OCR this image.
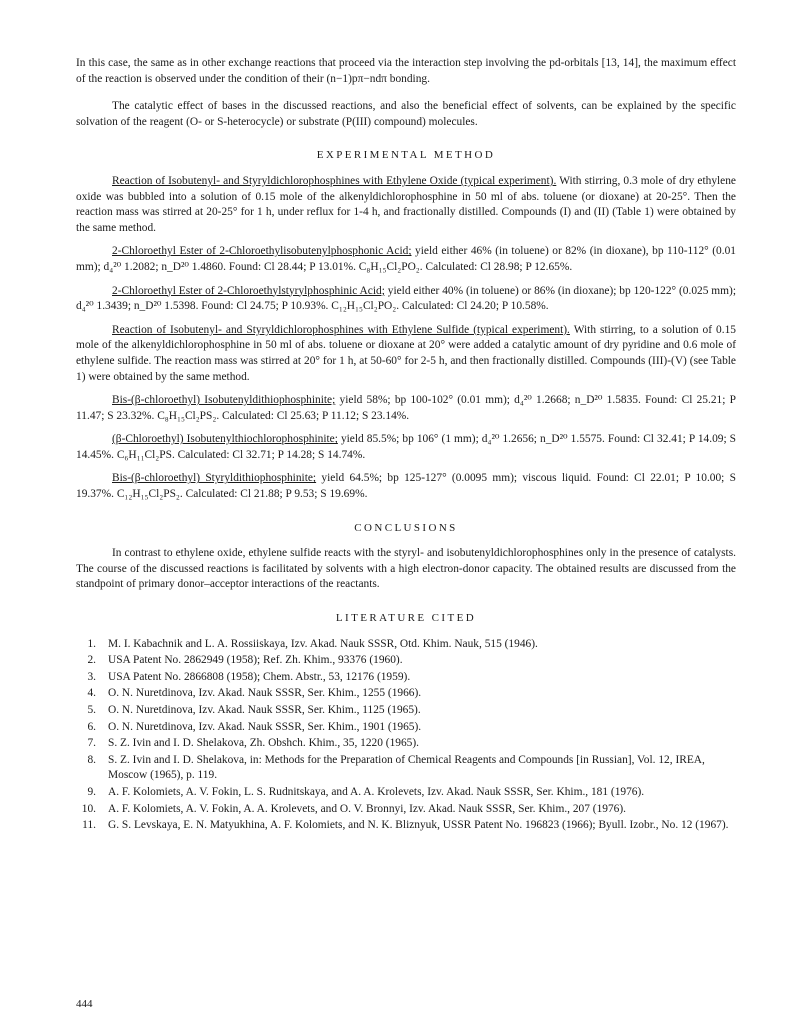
In this case, the same as in other exchange reactions that proceed via the interaction step involving the pd-orbitals [13, 14], the maximum effect of the reaction is observed under the condition of their (n−1)pπ−ndπ bonding.

The catalytic effect of bases in the discussed reactions, and also the beneficial effect of solvents, can be explained by the specific solvation of the reagent (O- or S-heterocycle) or substrate (P(III) compound) molecules.

EXPERIMENTAL METHOD

Reaction of Isobutenyl- and Styryldichlorophosphines with Ethylene Oxide (typical experiment). With stirring, 0.3 mole of dry ethylene oxide was bubbled into a solution of 0.15 mole of the alkenyldichlorophosphine in 50 ml of abs. toluene (or dioxane) at 20-25°. Then the reaction mass was stirred at 20-25° for 1 h, under reflux for 1-4 h, and fractionally distilled. Compounds (I) and (II) (Table 1) were obtained by the same method.

2-Chloroethyl Ester of 2-Chloroethylisobutenylphosphonic Acid; yield either 46% (in toluene) or 82% (in dioxane), bp 110-112° (0.01 mm); d₄²⁰ 1.2082; n_D²⁰ 1.4860. Found: Cl 28.44; P 13.01%. C₈H₁₅Cl₂PO₂. Calculated: Cl 28.98; P 12.65%.

2-Chloroethyl Ester of 2-Chloroethylstyrylphosphinic Acid; yield either 40% (in toluene) or 86% (in dioxane); bp 120-122° (0.025 mm); d₄²⁰ 1.3439; n_D²⁰ 1.5398. Found: Cl 24.75; P 10.93%. C₁₂H₁₅Cl₂PO₂. Calculated: Cl 24.20; P 10.58%.

Reaction of Isobutenyl- and Styryldichlorophosphines with Ethylene Sulfide (typical experiment). With stirring, to a solution of 0.15 mole of the alkenyldichlorophosphine in 50 ml of abs. toluene or dioxane at 20° were added a catalytic amount of dry pyridine and 0.6 mole of ethylene sulfide. The reaction mass was stirred at 20° for 1 h, at 50-60° for 2-5 h, and then fractionally distilled. Compounds (III)-(V) (see Table 1) were obtained by the same method.

Bis-(β-chloroethyl) Isobutenyldithiophosphinite; yield 58%; bp 100-102° (0.01 mm); d₄²⁰ 1.2668; n_D²⁰ 1.5835. Found: Cl 25.21; P 11.47; S 23.32%. C₈H₁₅Cl₂PS₂. Calculated: Cl 25.63; P 11.12; S 23.14%.

(β-Chloroethyl) Isobutenylthiochlorophosphinite; yield 85.5%; bp 106° (1 mm); d₄²⁰ 1.2656; n_D²⁰ 1.5575. Found: Cl 32.41; P 14.09; S 14.45%. C₆H₁₁Cl₂PS. Calculated: Cl 32.71; P 14.28; S 14.74%.

Bis-(β-chloroethyl) Styryldithiophosphinite; yield 64.5%; bp 125-127° (0.0095 mm); viscous liquid. Found: Cl 22.01; P 10.00; S 19.37%. C₁₂H₁₅Cl₂PS₂. Calculated: Cl 21.88; P 9.53; S 19.69%.

CONCLUSIONS

In contrast to ethylene oxide, ethylene sulfide reacts with the styryl- and isobutenyldichlorophosphines only in the presence of catalysts. The course of the discussed reactions is facilitated by solvents with a high electron-donor capacity. The obtained results are discussed from the standpoint of primary donor–acceptor interactions of the reactants.

LITERATURE CITED
1. M. I. Kabachnik and L. A. Rossiiskaya, Izv. Akad. Nauk SSSR, Otd. Khim. Nauk, 515 (1946).
2. USA Patent No. 2862949 (1958); Ref. Zh. Khim., 93376 (1960).
3. USA Patent No. 2866808 (1958); Chem. Abstr., 53, 12176 (1959).
4. O. N. Nuretdinova, Izv. Akad. Nauk SSSR, Ser. Khim., 1255 (1966).
5. O. N. Nuretdinova, Izv. Akad. Nauk SSSR, Ser. Khim., 1125 (1965).
6. O. N. Nuretdinova, Izv. Akad. Nauk SSSR, Ser. Khim., 1901 (1965).
7. S. Z. Ivin and I. D. Shelakova, Zh. Obshch. Khim., 35, 1220 (1965).
8. S. Z. Ivin and I. D. Shelakova, in: Methods for the Preparation of Chemical Reagents and Compounds [in Russian], Vol. 12, IREA, Moscow (1965), p. 119.
9. A. F. Kolomiets, A. V. Fokin, L. S. Rudnitskaya, and A. A. Krolevets, Izv. Akad. Nauk SSSR, Ser. Khim., 181 (1976).
10. A. F. Kolomiets, A. V. Fokin, A. A. Krolevets, and O. V. Bronnyi, Izv. Akad. Nauk SSSR, Ser. Khim., 207 (1976).
11. G. S. Levskaya, E. N. Matyukhina, A. F. Kolomiets, and N. K. Bliznyuk, USSR Patent No. 196823 (1966); Byull. Izobr., No. 12 (1967).
444
